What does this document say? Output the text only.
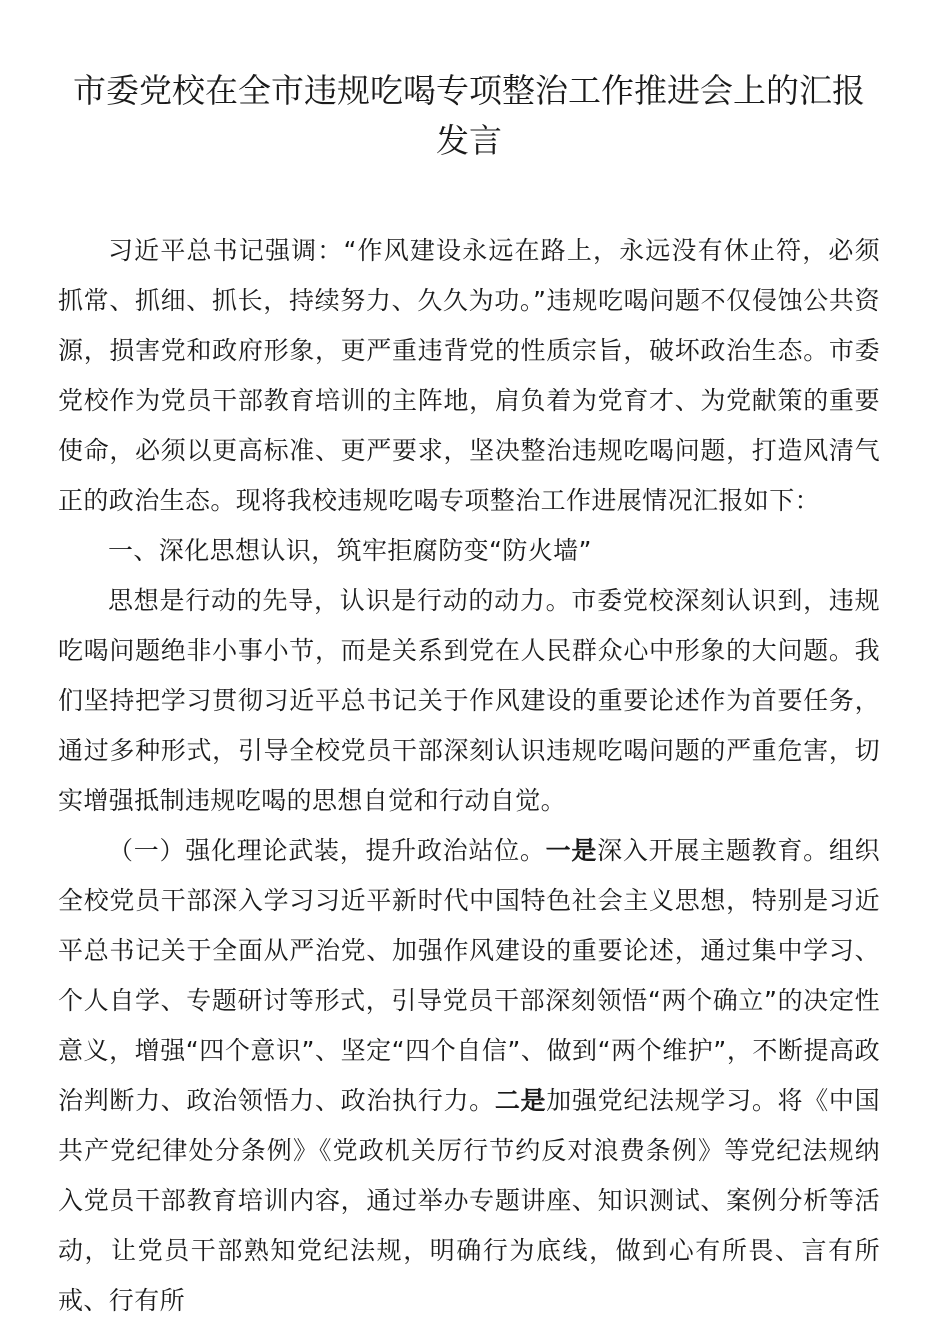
市委党校在全市违规吃喝专项整治工作推进会上的汇报发言

习近平总书记强调：“作风建设永远在路上，永远没有休止符，必须抓常、抓细、抓长，持续努力、久久为功。”违规吃喝问题不仅侵蚀公共资源，损害党和政府形象，更严重违背党的性质宗旨，破坏政治生态。市委党校作为党员干部教育培训的主阵地，肩负着为党育才、为党献策的重要使命，必须以更高标准、更严要求，坚决整治违规吃喝问题，打造风清气正的政治生态。现将我校违规吃喝专项整治工作进展情况汇报如下：

一、深化思想认识，筑牢拒腐防变“防火墙”

思想是行动的先导，认识是行动的动力。市委党校深刻认识到，违规吃喝问题绝非小事小节，而是关系到党在人民群众心中形象的大问题。我们坚持把学习贯彻习近平总书记关于作风建设的重要论述作为首要任务，通过多种形式，引导全校党员干部深刻认识违规吃喝问题的严重危害，切实增强抵制违规吃喝的思想自觉和行动自觉。

（一）强化理论武装，提升政治站位。一是深入开展主题教育。组织全校党员干部深入学习习近平新时代中国特色社会主义思想，特别是习近平总书记关于全面从严治党、加强作风建设的重要论述，通过集中学习、个人自学、专题研讨等形式，引导党员干部深刻领悟“两个确立”的决定性意义，增强“四个意识”、坚定“四个自信”、做到“两个维护”，不断提高政治判断力、政治领悟力、政治执行力。二是加强党纪法规学习。将《中国共产党纪律处分条例》《党政机关厉行节约反对浪费条例》等党纪法规纳入党员干部教育培训内容，通过举办专题讲座、知识测试、案例分析等活动，让党员干部熟知党纪法规，明确行为底线，做到心有所畏、言有所戒、行有所
